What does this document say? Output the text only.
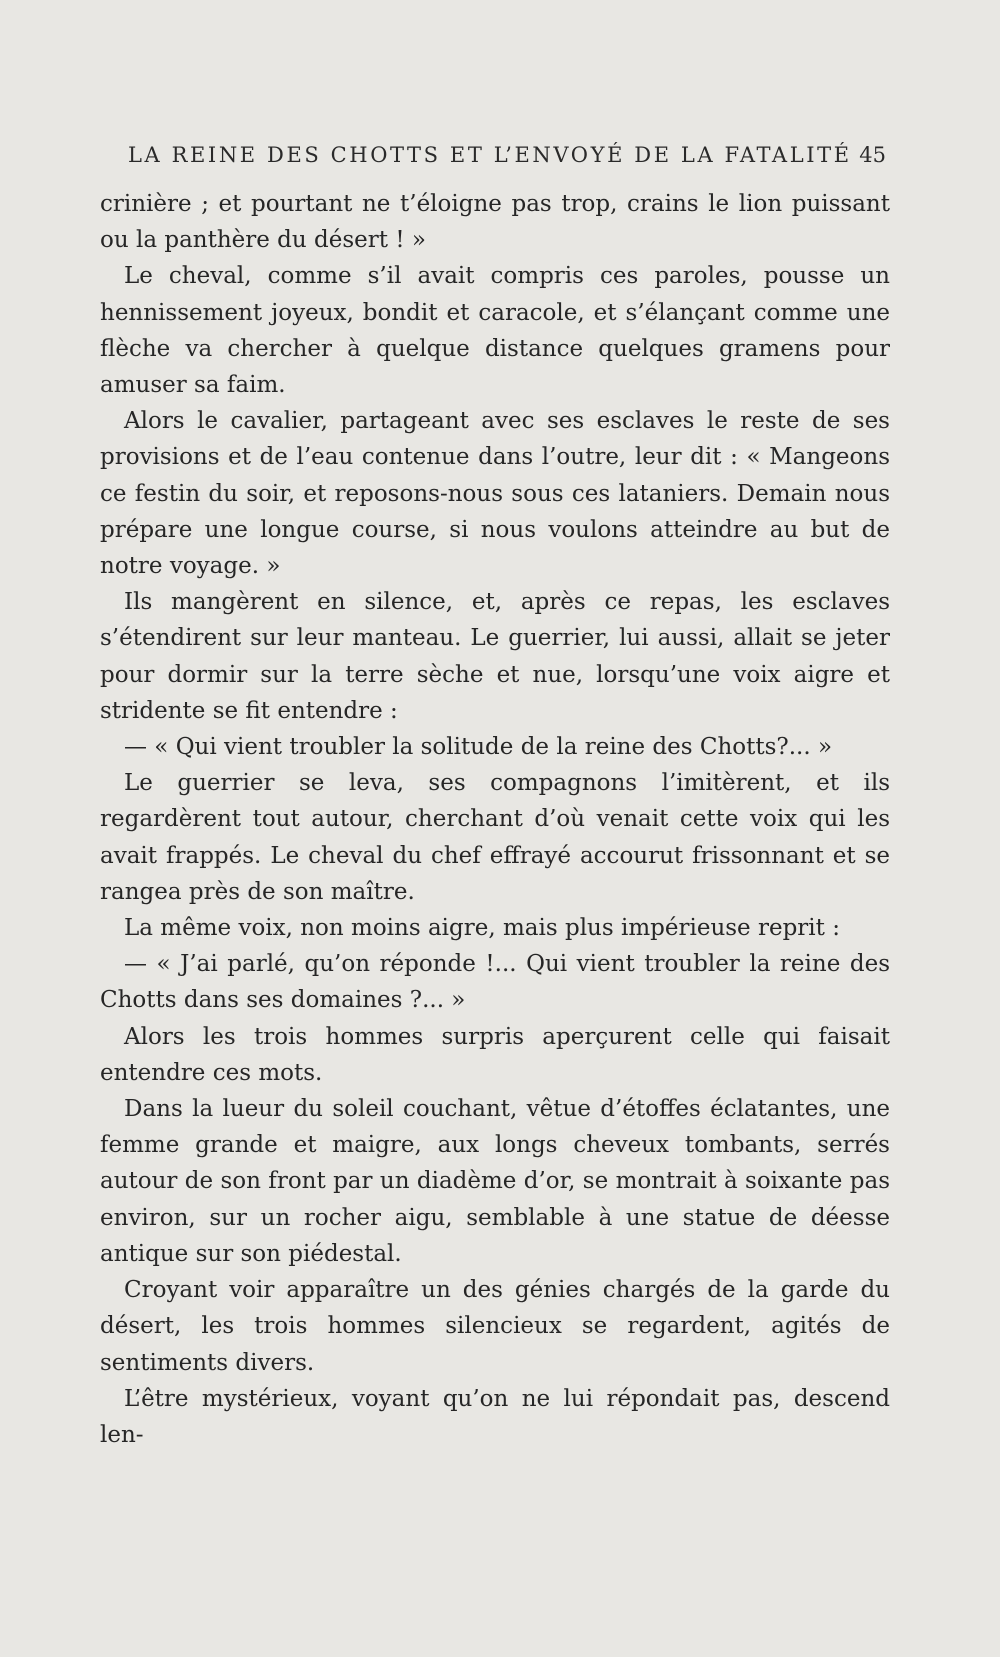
LA REINE DES CHOTTS ET L’ENVOYÉ DE LA FATALITÉ 45

crinière ; et pourtant ne t’éloigne pas trop, crains le lion puissant ou la panthère du désert ! »

Le cheval, comme s’il avait compris ces paroles, pousse un hennissement joyeux, bondit et caracole, et s’élançant comme une flèche va chercher à quelque distance quelques gramens pour amuser sa faim.

Alors le cavalier, partageant avec ses esclaves le reste de ses provisions et de l’eau contenue dans l’outre, leur dit : « Mangeons ce festin du soir, et reposons-nous sous ces lataniers. Demain nous prépare une longue course, si nous voulons atteindre au but de notre voyage. »

Ils mangèrent en silence, et, après ce repas, les esclaves s’étendirent sur leur manteau. Le guerrier, lui aussi, allait se jeter pour dormir sur la terre sèche et nue, lorsqu’une voix aigre et stridente se fit entendre :

— « Qui vient troubler la solitude de la reine des Chotts?... »

Le guerrier se leva, ses compagnons l’imitèrent, et ils regardèrent tout autour, cherchant d’où venait cette voix qui les avait frappés. Le cheval du chef effrayé accourut frissonnant et se rangea près de son maître.

La même voix, non moins aigre, mais plus impérieuse reprit :

— « J’ai parlé, qu’on réponde !... Qui vient troubler la reine des Chotts dans ses domaines ?... »

Alors les trois hommes surpris aperçurent celle qui faisait entendre ces mots.

Dans la lueur du soleil couchant, vêtue d’étoffes éclatantes, une femme grande et maigre, aux longs cheveux tombants, serrés autour de son front par un diadème d’or, se montrait à soixante pas environ, sur un rocher aigu, semblable à une statue de déesse antique sur son piédestal.

Croyant voir apparaître un des génies chargés de la garde du désert, les trois hommes silencieux se regardent, agités de sentiments divers.

L’être mystérieux, voyant qu’on ne lui répondait pas, descend len-
